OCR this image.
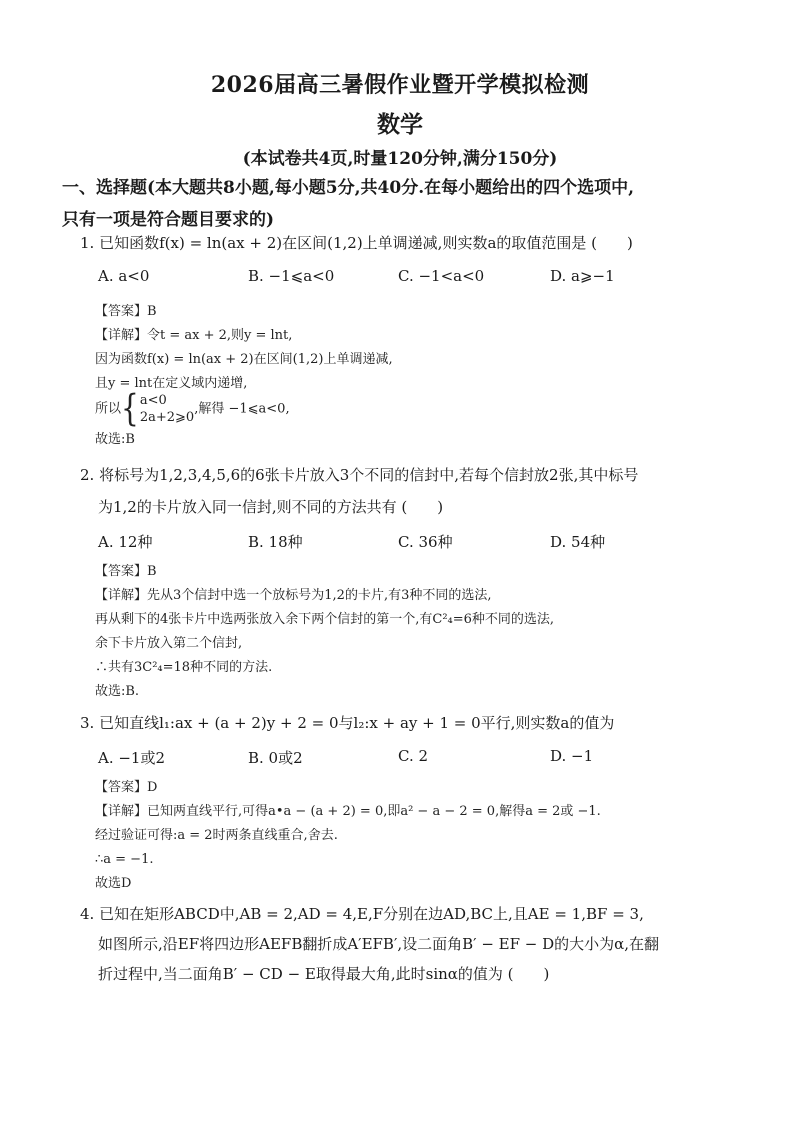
2026届高三暑假作业暨开学模拟检测
数学
(本试卷共4页,时量120分钟,满分150分)
一、选择题(本大题共8小题,每小题5分,共40分.在每小题给出的四个选项中,
只有一项是符合题目要求的)
1. 已知函数f(x) = ln(ax + 2)在区间(1,2)上单调递减,则实数a的取值范围是 (　　)
A. a<0	B. −1⩽a<0	C. −1<a<0	D. a⩾−1
【答案】B
【详解】令t = ax + 2,则y = lnt,
因为函数f(x) = ln(ax + 2)在区间(1,2)上单调递减,
且y = lnt在定义域内递增,
所以{ a<0
2a+2⩾0
,解得 −1⩽a<0,
故选:B
2. 将标号为1,2,3,4,5,6的6张卡片放入3个不同的信封中,若每个信封放2张,其中标号
为1,2的卡片放入同一信封,则不同的方法共有 (　　)
A. 12种	B. 18种	C. 36种	D. 54种
【答案】B
【详解】先从3个信封中选一个放标号为1,2的卡片,有3种不同的选法,
再从剩下的4张卡片中选两张放入余下两个信封的第一个,有C²₄=6种不同的选法,
余下卡片放入第二个信封,
∴共有3C²₄=18种不同的方法.
故选:B.
3. 已知直线l₁:ax + (a + 2)y + 2 = 0与l₂:x + ay + 1 = 0平行,则实数a的值为
A. −1或2	B. 0或2	C. 2	D. −1
【答案】D
【详解】已知两直线平行,可得a•a − (a + 2) = 0,即a² − a − 2 = 0,解得a = 2或 −1.
经过验证可得:a = 2时两条直线重合,舍去.
∴a = −1.
故选D
4. 已知在矩形ABCD中,AB = 2,AD = 4,E,F分别在边AD,BC上,且AE = 1,BF = 3,
如图所示,沿EF将四边形AEFB翻折成A′EFB′,设二面角B′ − EF − D的大小为α,在翻
折过程中,当二面角B′ − CD − E取得最大角,此时sinα的值为 (　　)
